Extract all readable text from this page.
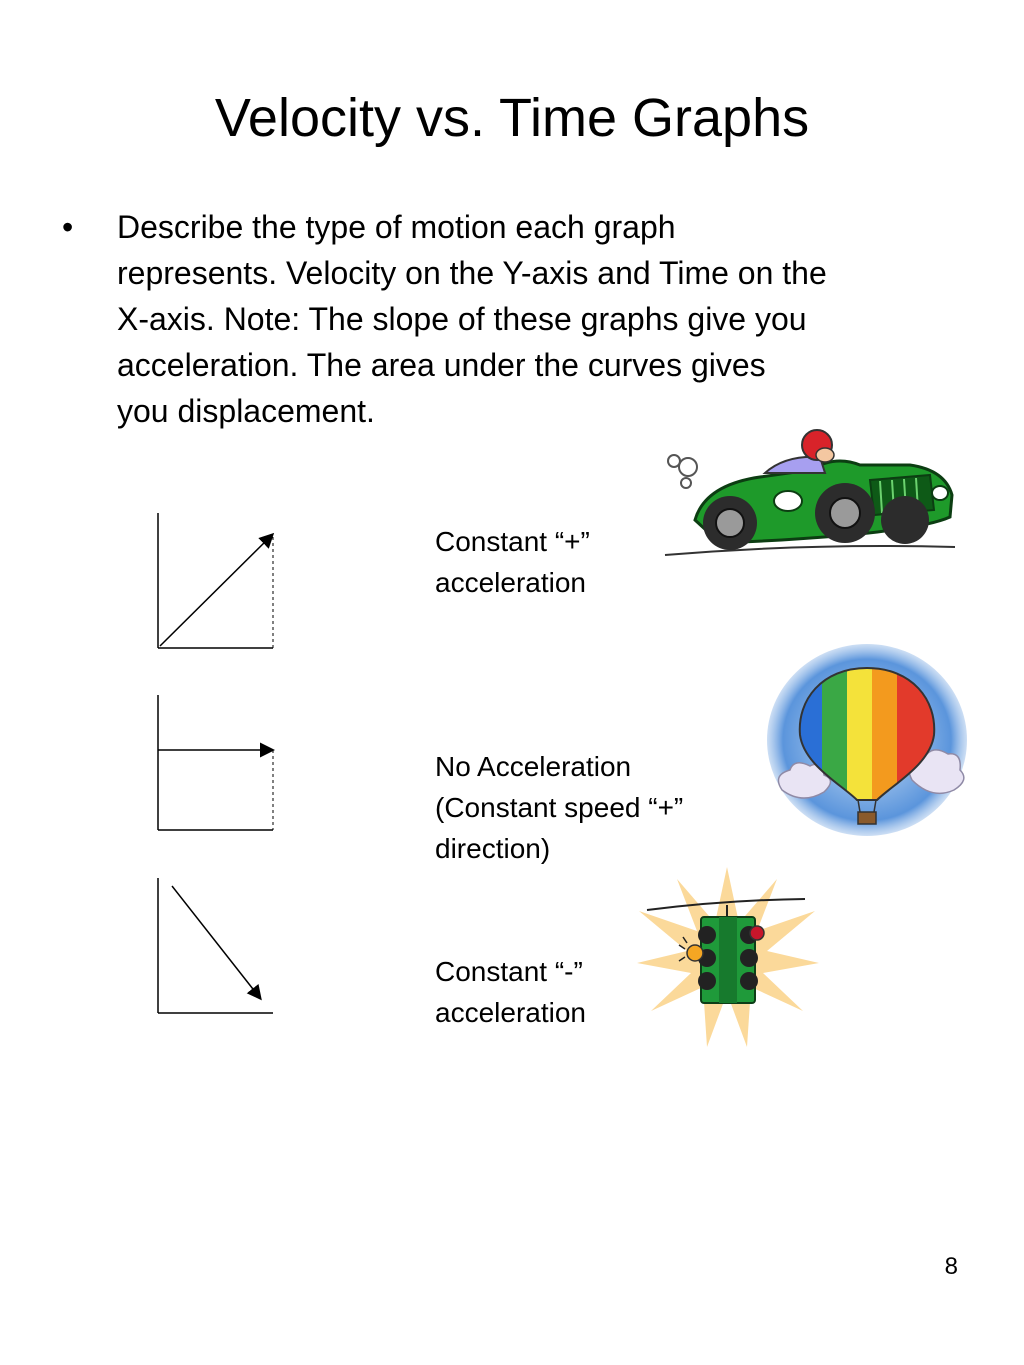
Velocity vs. Time Graphs
• Describe the type of motion each graph
represents. Velocity on the Y-axis and Time on the
X-axis. Note: The slope of these graphs give you
acceleration. The area under the curves gives
you displacement.
Constant “+”
acceleration
No Acceleration
(Constant speed “+”
direction)
Constant “-”
acceleration
8
